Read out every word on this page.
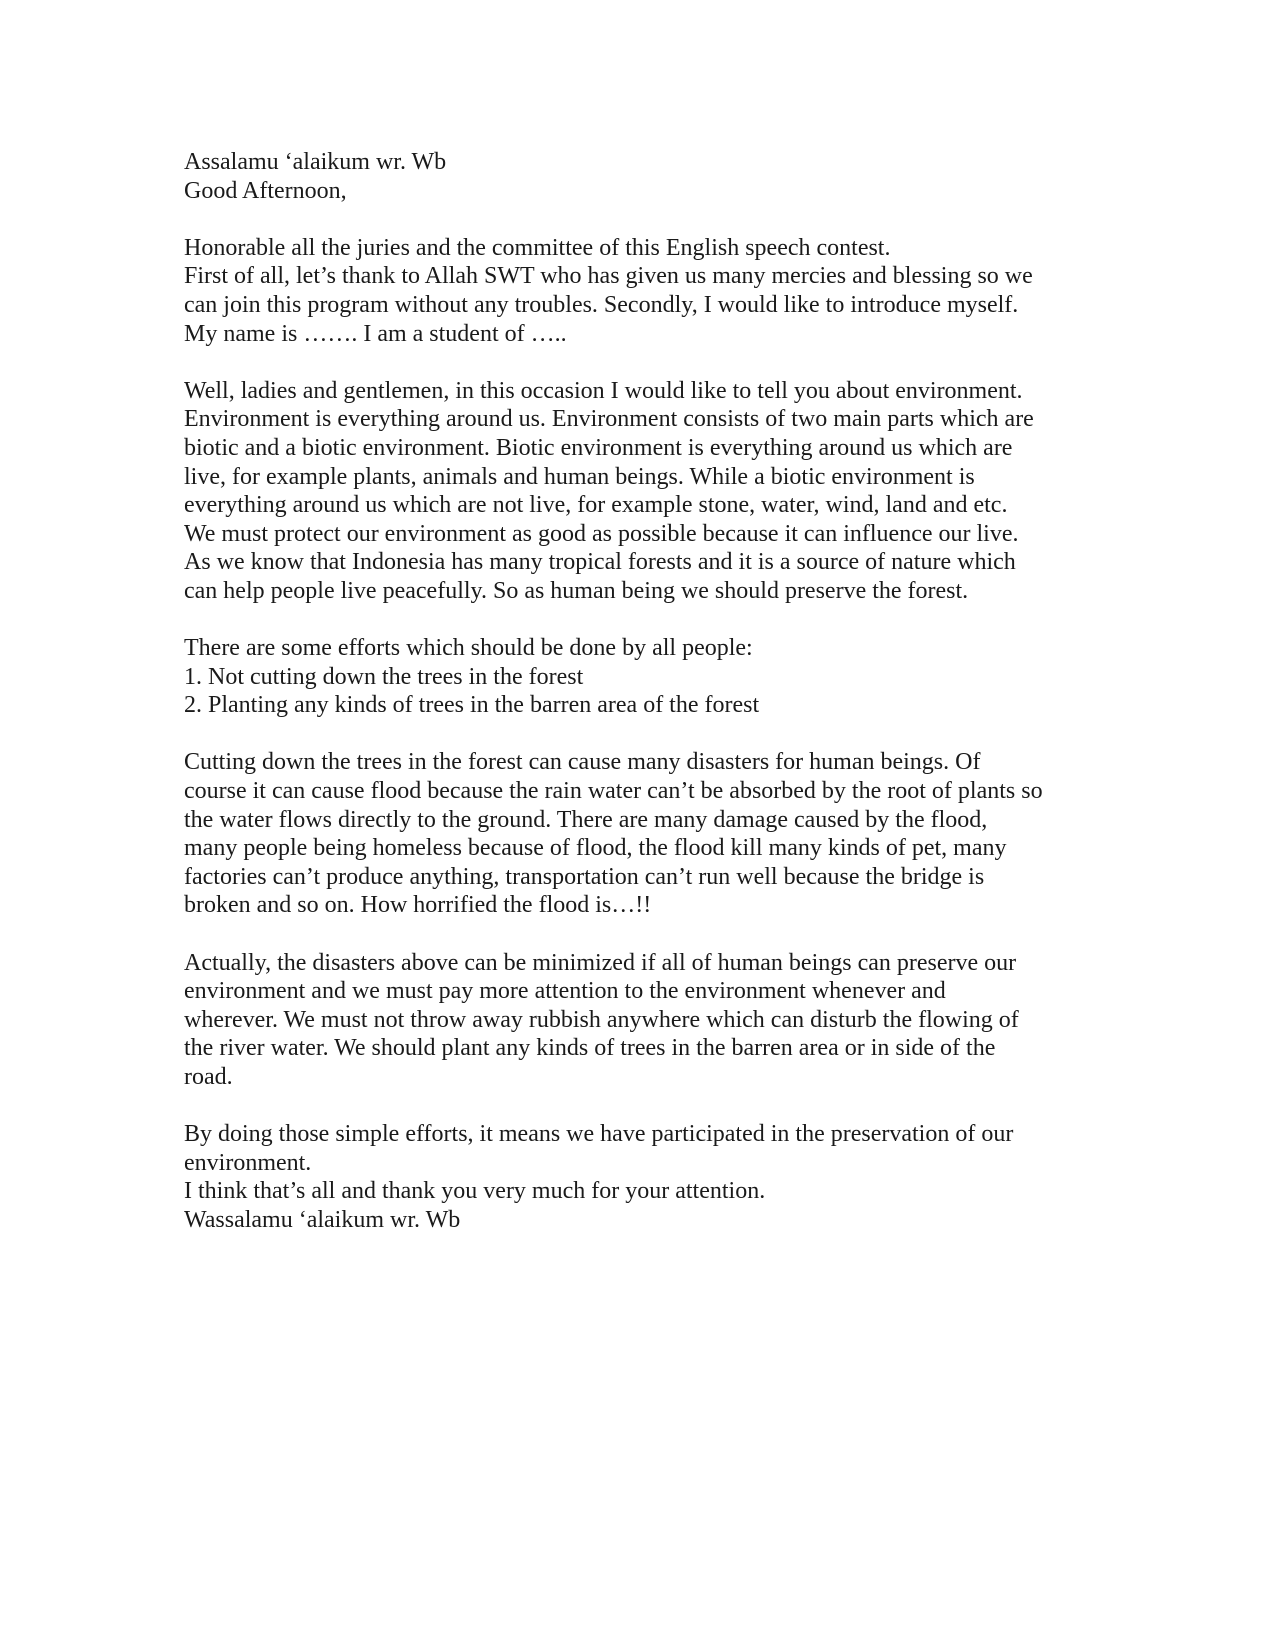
Assalamu ‘alaikum wr. Wb
Good Afternoon,
Honorable all the juries and the committee of this English speech contest.
First of all, let’s thank to Allah SWT who has given us many mercies and blessing so we
can join this program without any troubles. Secondly, I would like to introduce myself.
My name is ……. I am a student of …..
Well, ladies and gentlemen, in this occasion I would like to tell you about environment.
Environment is everything around us. Environment consists of two main parts which are
biotic and a biotic environment. Biotic environment is everything around us which are
live, for example plants, animals and human beings. While a biotic environment is
everything around us which are not live, for example stone, water, wind, land and etc.
We must protect our environment as good as possible because it can influence our live.
As we know that Indonesia has many tropical forests and it is a source of nature which
can help people live peacefully. So as human being we should preserve the forest.
There are some efforts which should be done by all people:
1. Not cutting down the trees in the forest
2. Planting any kinds of trees in the barren area of the forest
Cutting down the trees in the forest can cause many disasters for human beings. Of
course it can cause flood because the rain water can’t be absorbed by the root of plants so
the water flows directly to the ground. There are many damage caused by the flood,
many people being homeless because of flood, the flood kill many kinds of pet, many
factories can’t produce anything, transportation can’t run well because the bridge is
broken and so on. How horrified the flood is…!!
Actually, the disasters above can be minimized if all of human beings can preserve our
environment and we must pay more attention to the environment whenever and
wherever. We must not throw away rubbish anywhere which can disturb the flowing of
the river water. We should plant any kinds of trees in the barren area or in side of the
road.
By doing those simple efforts, it means we have participated in the preservation of our
environment.
I think that’s all and thank you very much for your attention.
Wassalamu ‘alaikum wr. Wb
